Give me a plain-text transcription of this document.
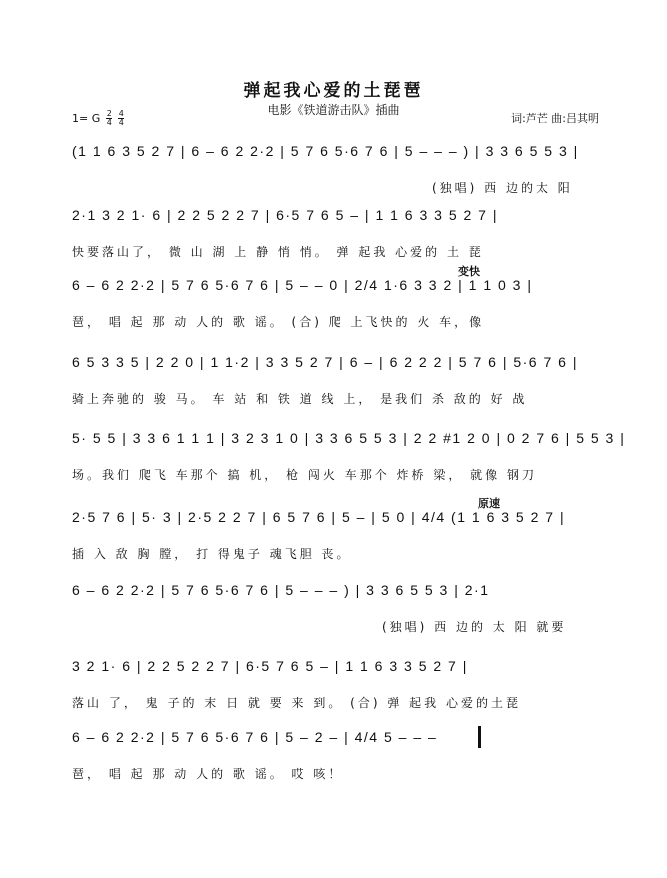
弹起我心爱的土琵琶
电影《铁道游击队》插曲
1= G $\frac{2}{4} \frac{4}{4}$	词:芦芒 曲:吕其明
(1 1 6 3 5 2 7 | 6 – 6 2 2·2 | 5 7 6 5·6 7 6 | 5 – – – ) | 3 3 6 5 5 3 |
(独唱) 西 边的太 阳
2·1 3 2 1· 6 | 2 2 5 2 2 7 | 6·5 7 6 5 – | 1 1 6 3 3 5 2 7 |
快要落山了， 微 山 湖 上 静 悄 悄。 弹 起我 心爱的 土 琵
变快
6 – 6 2 2·2 | 5 7 6 5·6 7 6 | 5 – – 0 | 2/4 1·6 3 3 2 | 1 1 0 3 |
琶， 唱 起 那 动 人的 歌 谣。 (合) 爬 上飞快的 火 车，像
6 5 3 3 5 | 2 2 0 | 1 1·2 | 3 3 5 2 7 | 6 – | 6 2 2 2 | 5 7 6 | 5·6 7 6 |
骑上奔驰的 骏 马。 车 站 和 铁 道 线 上， 是我们 杀 敌的 好 战
5· 5 5 | 3 3 6 1 1 1 | 3 2 3 1 0 | 3 3 6 5 5 3 | 2 2 #1 2 0 | 0 2 7 6 | 5 5 3 |
场。我们 爬飞 车那个 搞 机， 枪 闯火 车那个 炸桥 梁， 就像 钢刀
原速
2·5 7 6 | 5· 3 | 2·5 2 2 7 | 6 5 7 6 | 5 – | 5 0 | 4/4 (1 1 6 3 5 2 7 |
插 入 敌 胸 膛， 打 得鬼子 魂飞胆 丧。
6 – 6 2 2·2 | 5 7 6 5·6 7 6 | 5 – – – ) | 3 3 6 5 5 3 | 2·1
(独唱) 西 边的 太 阳 就要
3 2 1· 6 | 2 2 5 2 2 7 | 6·5 7 6 5 – | 1 1 6 3 3 5 2 7 |
落山 了， 鬼 子的 末 日 就 要 来 到。 (合) 弹 起我 心爱的土琵
6 – 6 2 2·2 | 5 7 6 5·6 7 6 | 5 – 2 – | 4/4 5 – – –
琶， 唱 起 那 动 人的 歌 谣。 哎 咳！
